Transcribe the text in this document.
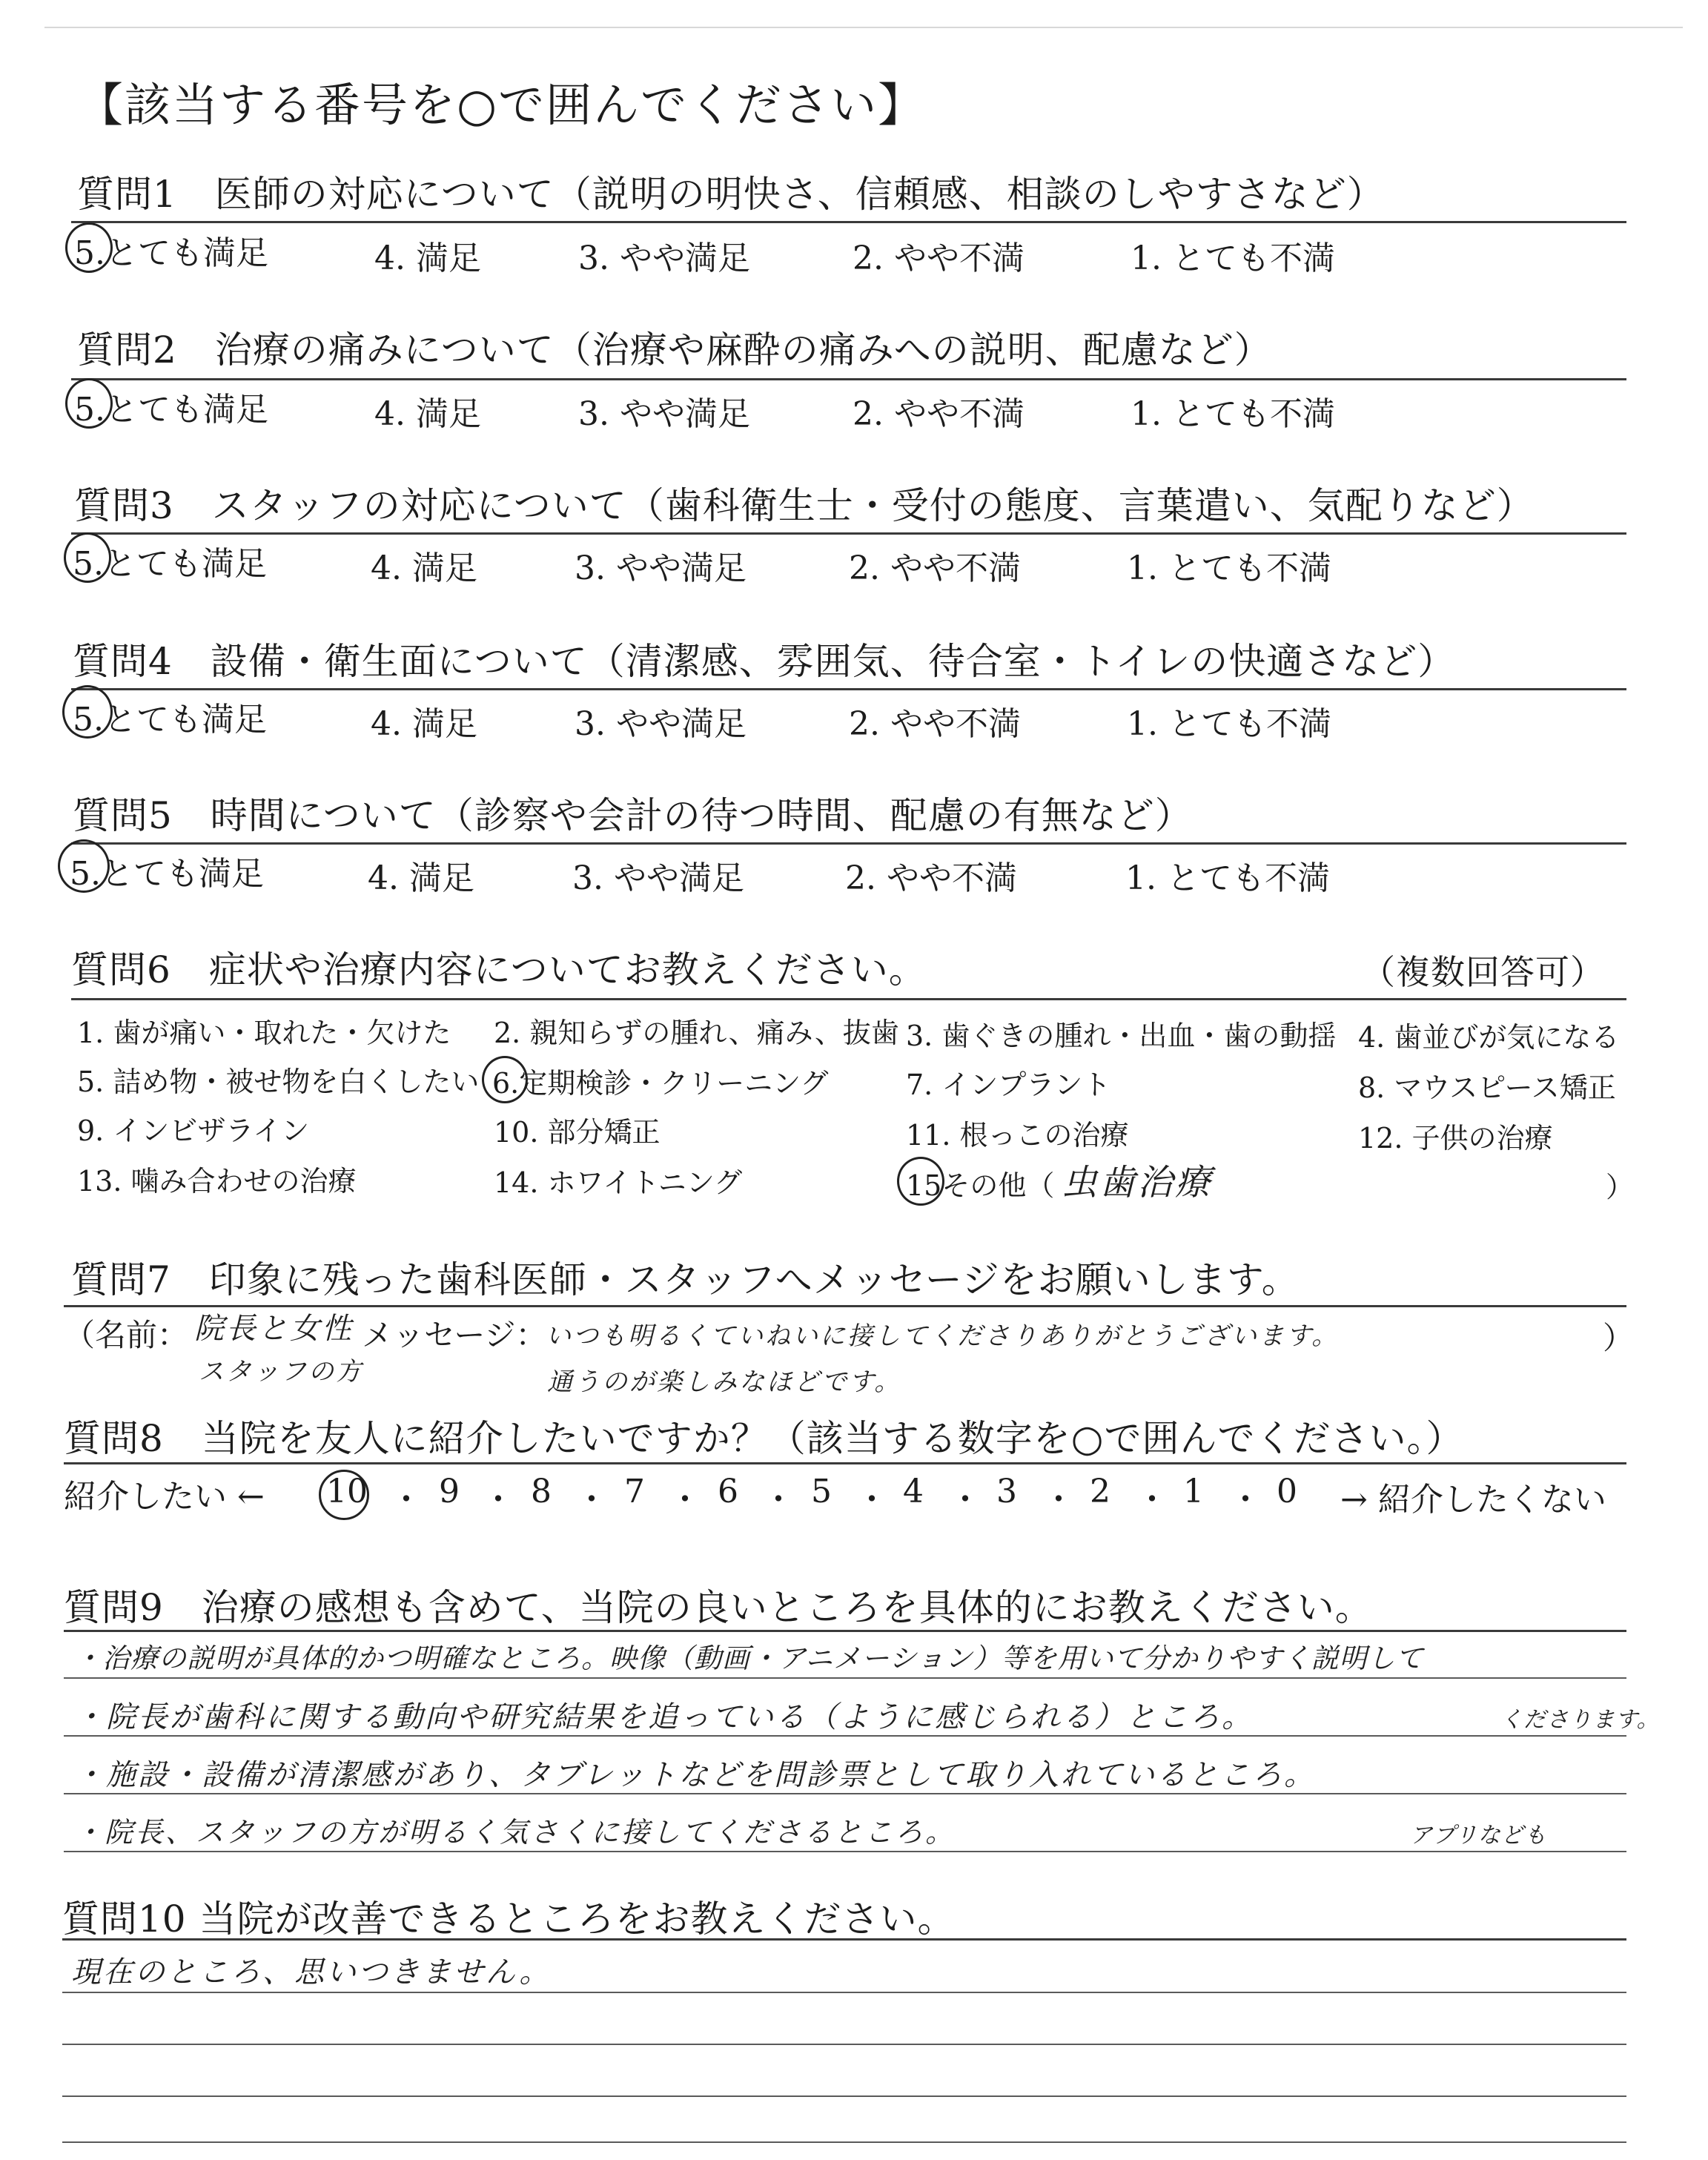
【該当する番号を○で囲んでください】
質問1　医師の対応について（説明の明快さ、信頼感、相談のしやすさなど）
5.とても満足	4. 満足	3. やや満足	2. やや不満	1. とても不満
質問2　治療の痛みについて（治療や麻酔の痛みへの説明、配慮など）
5.とても満足	4. 満足	3. やや満足	2. やや不満	1. とても不満
質問3　スタッフの対応について（歯科衛生士・受付の態度、言葉遣い、気配りなど）
5.とても満足	4. 満足	3. やや満足	2. やや不満	1. とても不満
質問4　設備・衛生面について（清潔感、雰囲気、待合室・トイレの快適さなど）
5.とても満足	4. 満足	3. やや満足	2. やや不満	1. とても不満
質問5　時間について（診察や会計の待つ時間、配慮の有無など）
5.とても満足	4. 満足	3. やや満足	2. やや不満	1. とても不満
質問6　症状や治療内容についてお教えください。	（複数回答可）
1. 歯が痛い・取れた・欠けた 2. 親知らずの腫れ、痛み、抜歯 3. 歯ぐきの腫れ・出血・歯の動揺 4. 歯並びが気になる
5. 詰め物・被せ物を白くしたい 6.定期検診・クリーニング	7. インプラント	8. マウスピース矯正
9. インビザライン	10. 部分矯正	11. 根っこの治療	12. 子供の治療
13. 噛み合わせの治療	14. ホワイトニング	15その他（ 虫歯治療	）
質問7　印象に残った歯科医師・スタッフへメッセージをお願いします。
（名前： 院長と女性
スタッフの方
メッセージ：
いつも明るくていねいに接してくださりありがとうございます。
通うのが楽しみなほどです。
）
質問8　当院を友人に紹介したいですか？（該当する数字を○で囲んでください。）
紹介したい ← 10 ・ 9 ・ 8 ・ 7 ・ 6 ・ 5 ・ 4 ・ 3 ・ 2 ・ 1 ・ 0 → 紹介したくない
質問9　治療の感想も含めて、当院の良いところを具体的にお教えください。
・治療の説明が具体的かつ明確なところ。映像（動画・アニメーション）等を用いて分かりやすく説明して
・院長が歯科に関する動向や研究結果を追っている（ように感じられる）ところ。	くださります。
・施設・設備が清潔感があり、タブレットなどを問診票として取り入れているところ。
・院長、スタッフの方が明るく気さくに接してくださるところ。	アプリなども
質問10 当院が改善できるところをお教えください。
現在のところ、思いつきません。
